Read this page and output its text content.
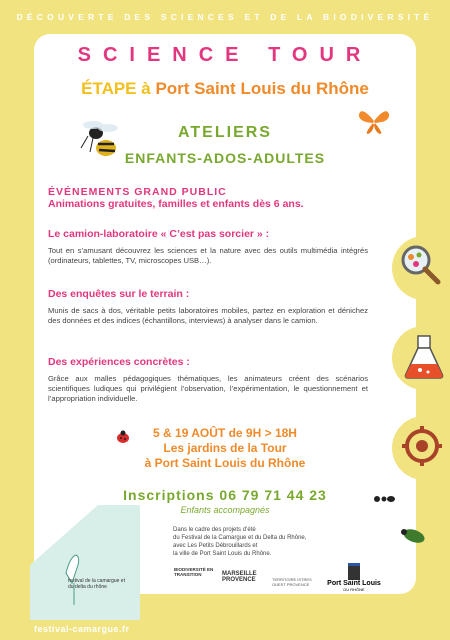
DÉCOUVERTE DES SCIENCES ET DE LA BIODIVERSITÉ
SCIENCE TOUR
ÉTAPE à Port Saint Louis du Rhône
ATELIERS
ENFANTS-ADOS-ADULTES
ÉVÉNEMENTS GRAND PUBLIC
Animations gratuites, familles et enfants dès 6 ans.
Le camion-laboratoire « C’est pas sorcier » :
Tout en s’amusant découvrez les sciences et la nature avec des outils multimédia intégrés (ordinateurs, tablettes, TV, microscopes USB…).
Des enquêtes sur le terrain :
Munis de sacs à dos, véritable petits laboratoires mobiles, partez en exploration et dénichez des données et des indices (échantillons, interviews) à analyser dans le camion.
Des expériences concrètes :
Grâce aux malles pédagogiques thématiques, les animateurs créent des scénarios scientifiques ludiques qui privilégient l’observation, l’expérimentation, le questionnement et l’appropriation individuelle.
5 & 19 AOÛT de 9H > 18H
Les jardins de la Tour
à Port Saint Louis du Rhône
Inscriptions 06 79 71 44 23
Enfants accompagnés
Dans le cadre des projets d’été
du Festival de la Camargue et du Delta du Rhône,
avec Les Petits Débrouillards et
la ville de Port Saint Louis du Rhône.
festival de la camargue et du delta du rhône
BIODIVERSITÉ EN TRANSITION	MARSEILLE PROVENCE	TERRITOIRE ISTRES OUEST PROVENCE	Port Saint Louis
DU RHÔNE
festival-camargue.fr
